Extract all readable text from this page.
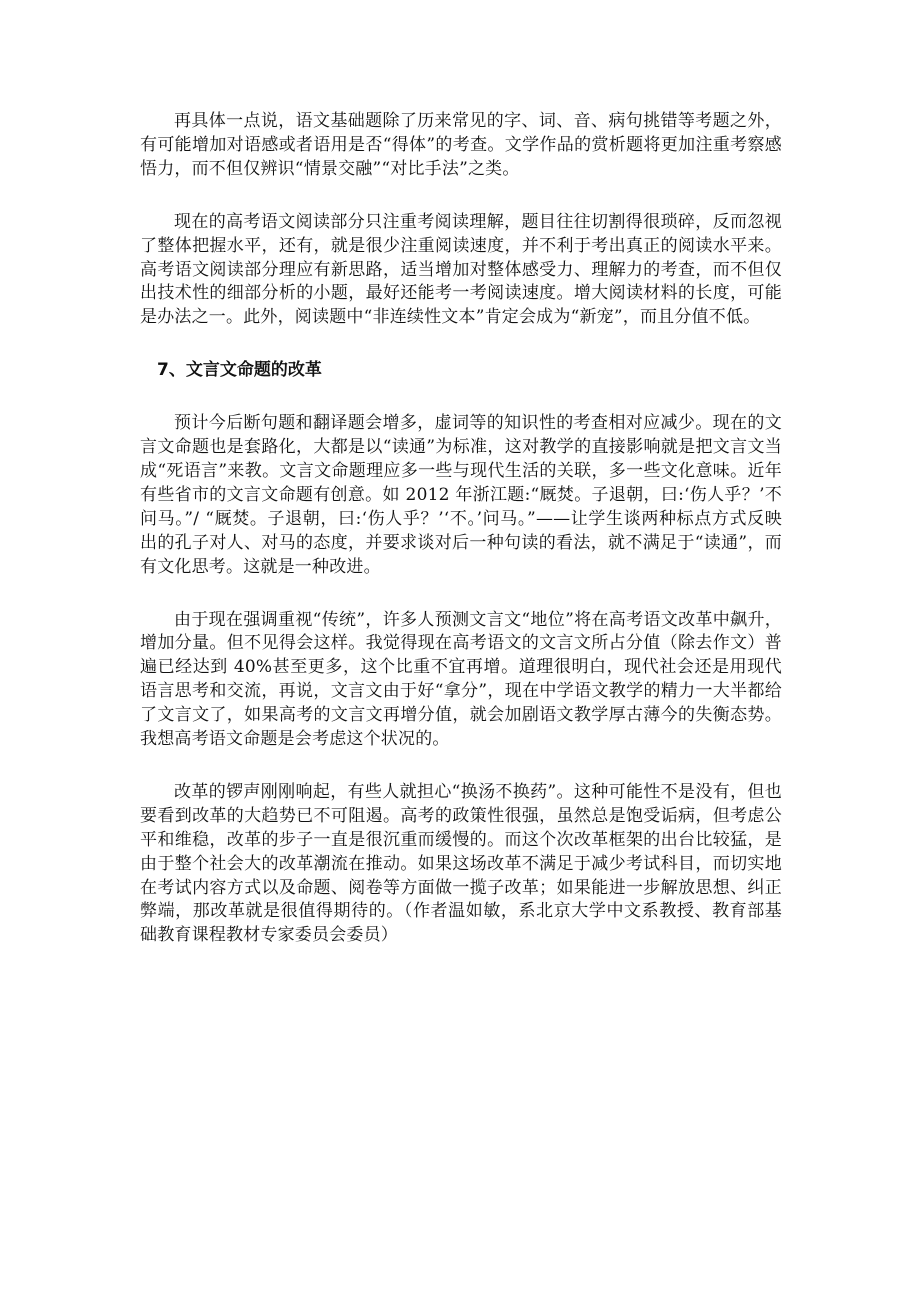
再具体一点说，语文基础题除了历来常见的字、词、音、病句挑错等考题之外，有可能增加对语感或者语用是否“得体”的考查。文学作品的赏析题将更加注重考察感悟力，而不但仅辨识“情景交融”“对比手法”之类。

现在的高考语文阅读部分只注重考阅读理解，题目往往切割得很琐碎，反而忽视了整体把握水平，还有，就是很少注重阅读速度，并不利于考出真正的阅读水平来。高考语文阅读部分理应有新思路，适当增加对整体感受力、理解力的考查，而不但仅出技术性的细部分析的小题，最好还能考一考阅读速度。增大阅读材料的长度，可能是办法之一。此外，阅读题中“非连续性文本”肯定会成为“新宠”，而且分值不低。

7、文言文命题的改革

预计今后断句题和翻译题会增多，虚词等的知识性的考查相对应减少。现在的文言文命题也是套路化，大都是以“读通”为标准，这对教学的直接影响就是把文言文当成“死语言”来教。文言文命题理应多一些与现代生活的关联，多一些文化意味。近年有些省市的文言文命题有创意。如 2012 年浙江题:“厩焚。子退朝，曰:‘伤人乎？’不问马。”/ “厩焚。子退朝，曰:‘伤人乎？’‘不。’问马。”——让学生谈两种标点方式反映出的孔子对人、对马的态度，并要求谈对后一种句读的看法，就不满足于“读通”，而有文化思考。这就是一种改进。

由于现在强调重视“传统”，许多人预测文言文“地位”将在高考语文改革中飙升，增加分量。但不见得会这样。我觉得现在高考语文的文言文所占分值（除去作文）普遍已经达到 40%甚至更多，这个比重不宜再增。道理很明白，现代社会还是用现代语言思考和交流，再说，文言文由于好“拿分”，现在中学语文教学的精力一大半都给了文言文了，如果高考的文言文再增分值，就会加剧语文教学厚古薄今的失衡态势。我想高考语文命题是会考虑这个状况的。

改革的锣声刚刚响起，有些人就担心“换汤不换药”。这种可能性不是没有，但也要看到改革的大趋势已不可阻遏。高考的政策性很强，虽然总是饱受诟病，但考虑公平和维稳，改革的步子一直是很沉重而缓慢的。而这个次改革框架的出台比较猛，是由于整个社会大的改革潮流在推动。如果这场改革不满足于减少考试科目，而切实地在考试内容方式以及命题、阅卷等方面做一揽子改革；如果能进一步解放思想、纠正弊端，那改革就是很值得期待的。（作者温如敏，系北京大学中文系教授、教育部基础教育课程教材专家委员会委员）
